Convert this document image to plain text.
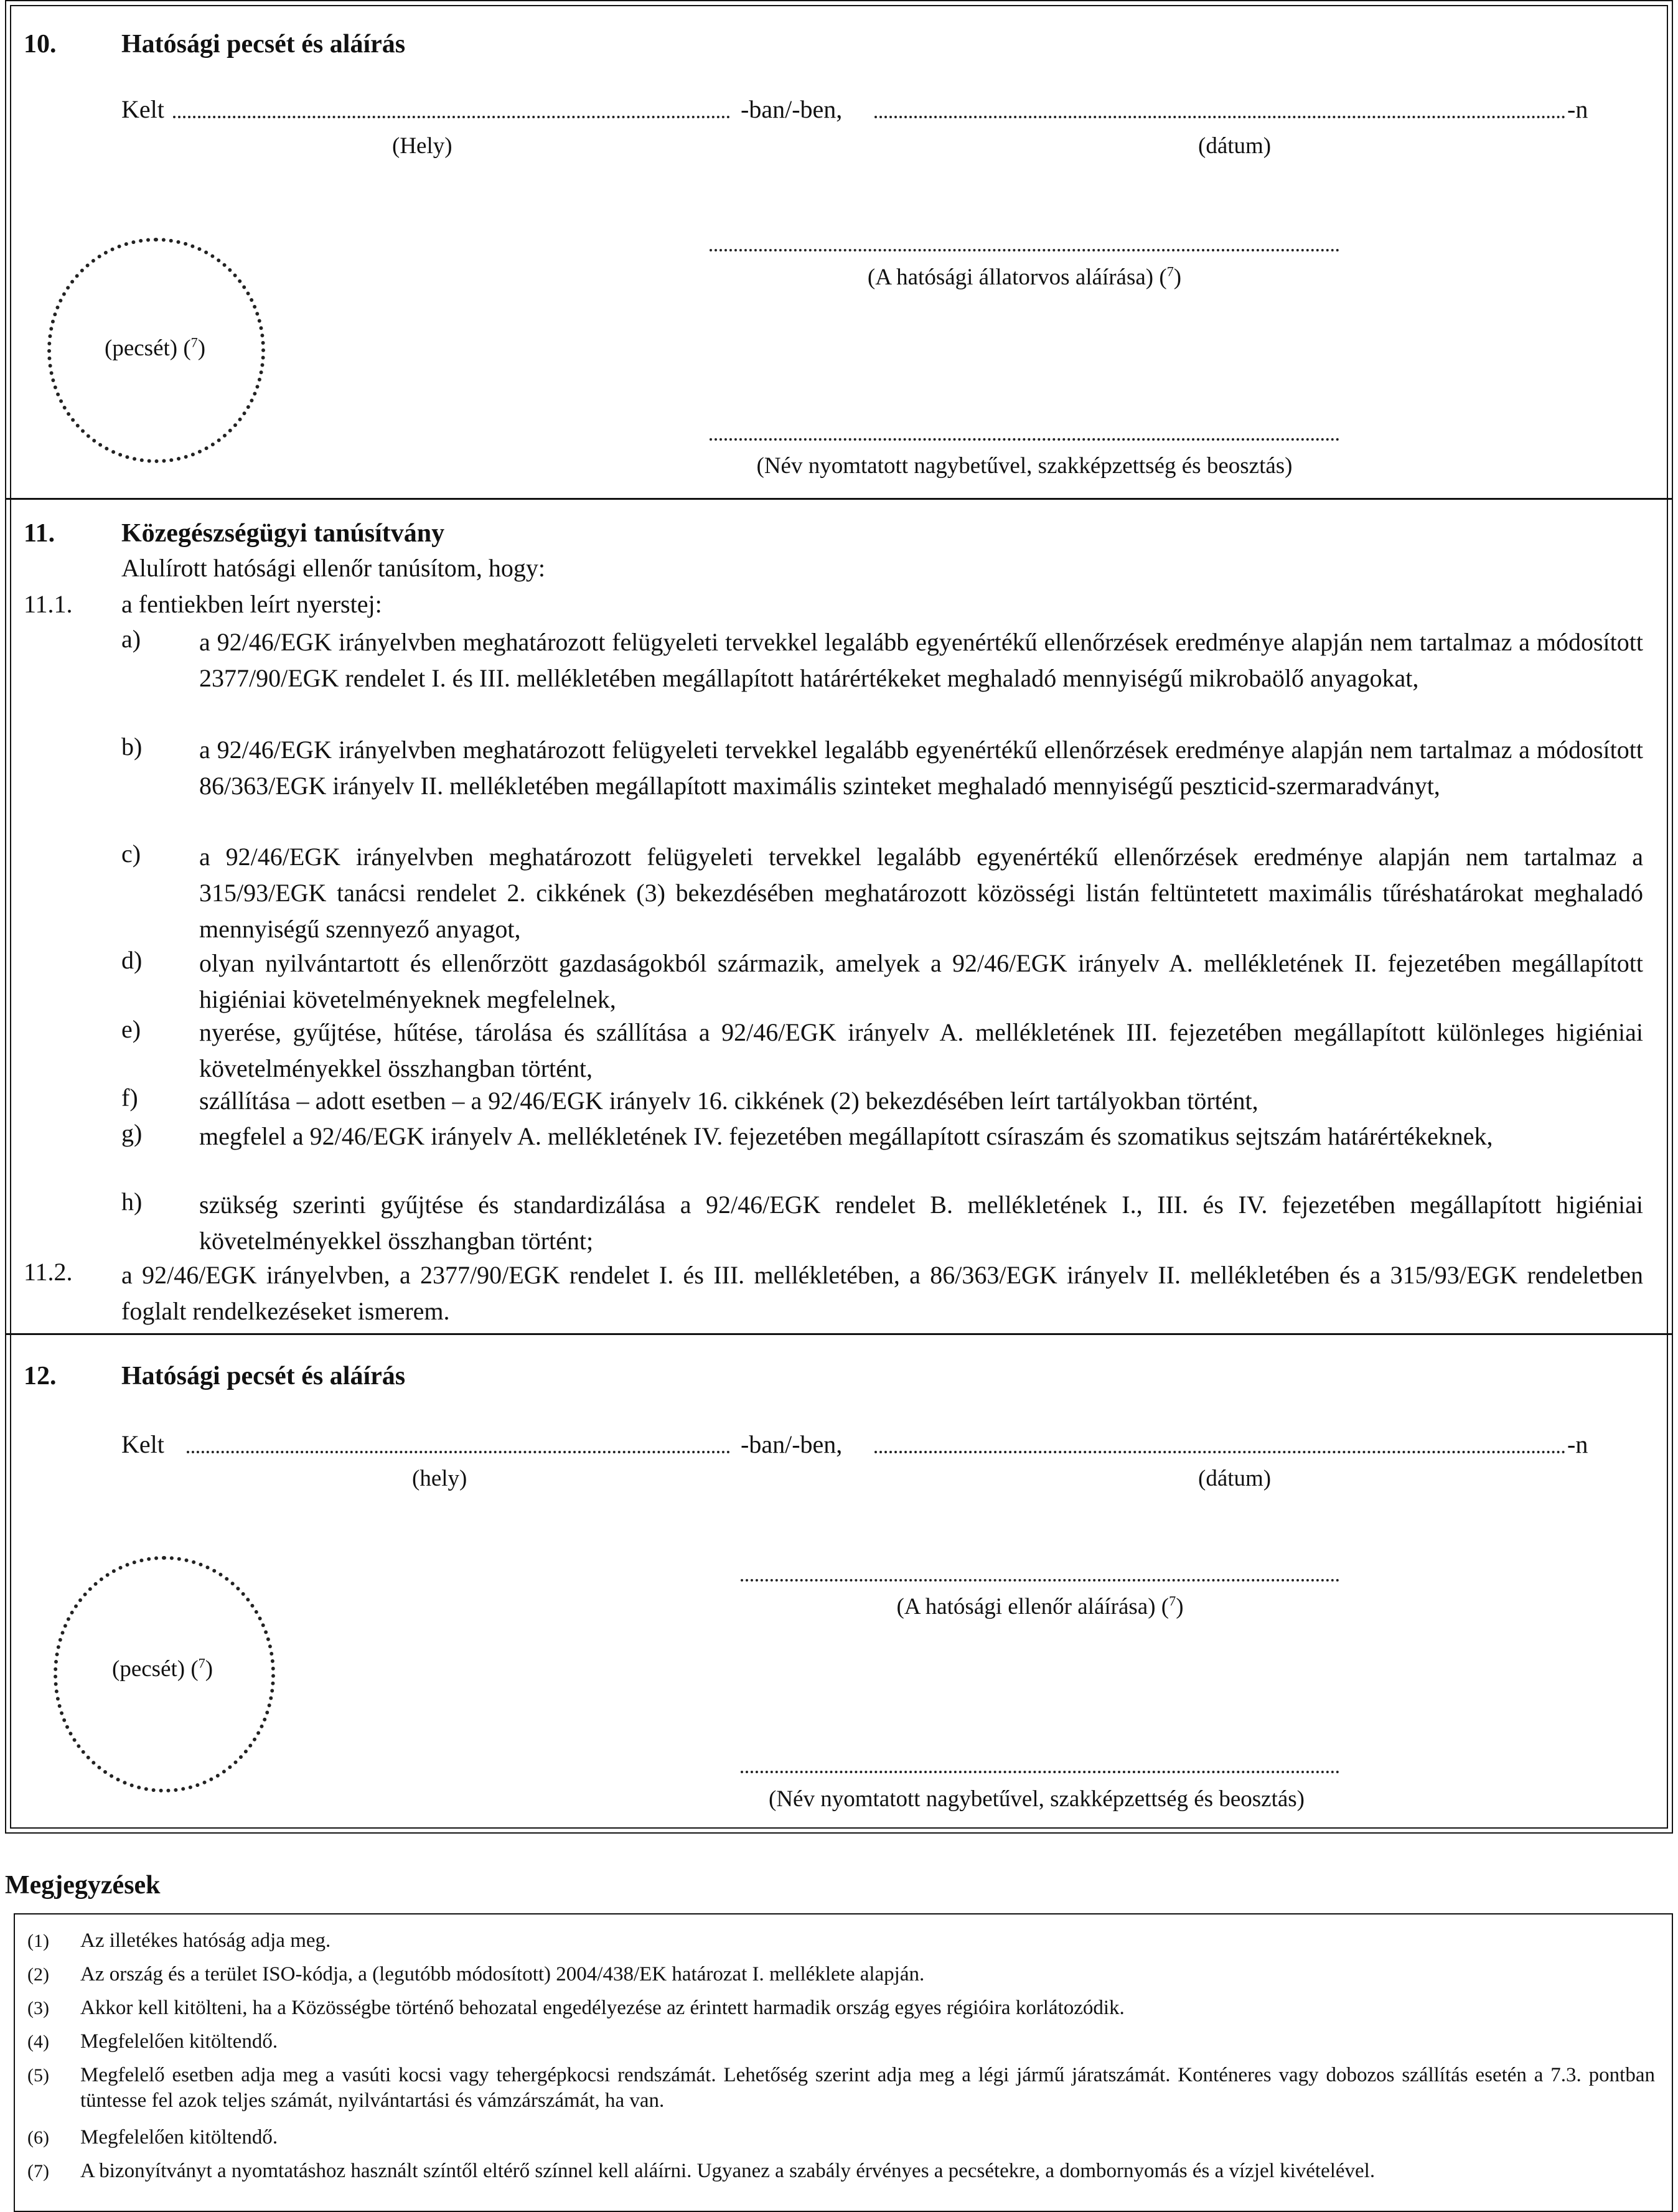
10. Hatósági pecsét és aláírás
Kelt	-ban/-ben,	-n
(Hely)	(dátum)
(pecsét) ($^7$)
(A hatósági állatorvos aláírása) ($^7$)
(Név nyomtatott nagybetűvel, szakképzettség és beosztás)
11.	Közegészségügyi tanúsítvány
Alulírott hatósági ellenőr tanúsítom, hogy:
11.1. a fentiekben leírt nyerstej:
a) a 92/46/EGK irányelvben meghatározott felügyeleti tervekkel legalább egyenértékű ellenőrzések eredménye alapján nem tartalmaz a módosított 2377/90/EGK rendelet I. és III. mellékletében megállapított határértékeket meghaladó mennyiségű mikrobaölő anyagokat,
b) a 92/46/EGK irányelvben meghatározott felügyeleti tervekkel legalább egyenértékű ellenőrzések eredménye alapján nem tartalmaz a módosított 86/363/EGK irányelv II. mellékletében megállapított maximális szinteket meghaladó mennyiségű peszticid-szermaradványt,
c) a 92/46/EGK irányelvben meghatározott felügyeleti tervekkel legalább egyenértékű ellenőrzések eredménye alapján nem tartalmaz a 315/93/EGK tanácsi rendelet 2. cikkének (3) bekezdésében meghatározott közösségi listán feltüntetett maximális tűréshatárokat meghaladó mennyiségű szennyező anyagot,
d) olyan nyilvántartott és ellenőrzött gazdaságokból származik, amelyek a 92/46/EGK irányelv A. mellékletének II. fejezetében megállapított higiéniai követelményeknek megfelelnek,
e) nyerése, gyűjtése, hűtése, tárolása és szállítása a 92/46/EGK irányelv A. mellékletének III. fejezetében megállapított különleges higiéniai követelményekkel összhangban történt,
f) szállítása – adott esetben – a 92/46/EGK irányelv 16. cikkének (2) bekezdésében leírt tartályokban történt,
g) megfelel a 92/46/EGK irányelv A. mellékletének IV. fejezetében megállapított csíraszám és szomatikus sejtszám határértékeknek,
h) szükség szerinti gyűjtése és standardizálása a 92/46/EGK rendelet B. mellékletének I., III. és IV. fejezetében megállapított higiéniai követelményekkel összhangban történt;
11.2. a 92/46/EGK irányelvben, a 2377/90/EGK rendelet I. és III. mellékletében, a 86/363/EGK irányelv II. mellékletében és a 315/93/EGK rendeletben foglalt rendelkezéseket ismerem.
12. Hatósági pecsét és aláírás
Kelt	-ban/-ben,	-n
(hely)	(dátum)
(pecsét) ($^7$)
(A hatósági ellenőr aláírása) ($^7$)
(Név nyomtatott nagybetűvel, szakképzettség és beosztás)
Megjegyzések
(1) Az illetékes hatóság adja meg.
(2) Az ország és a terület ISO-kódja, a (legutóbb módosított) 2004/438/EK határozat I. melléklete alapján.
(3) Akkor kell kitölteni, ha a Közösségbe történő behozatal engedélyezése az érintett harmadik ország egyes régióira korlátozódik.
(4) Megfelelően kitöltendő.
(5) Megfelelő esetben adja meg a vasúti kocsi vagy tehergépkocsi rendszámát. Lehetőség szerint adja meg a légi jármű járatszámát. Konténeres vagy dobozos szállítás esetén a 7.3. pontban tüntesse fel azok teljes számát, nyilvántartási és vámzárszámát, ha van.
(6) Megfelelően kitöltendő.
(7) A bizonyítványt a nyomtatáshoz használt színtől eltérő színnel kell aláírni. Ugyanez a szabály érvényes a pecsétekre, a dombornyomás és a vízjel kivételével.
